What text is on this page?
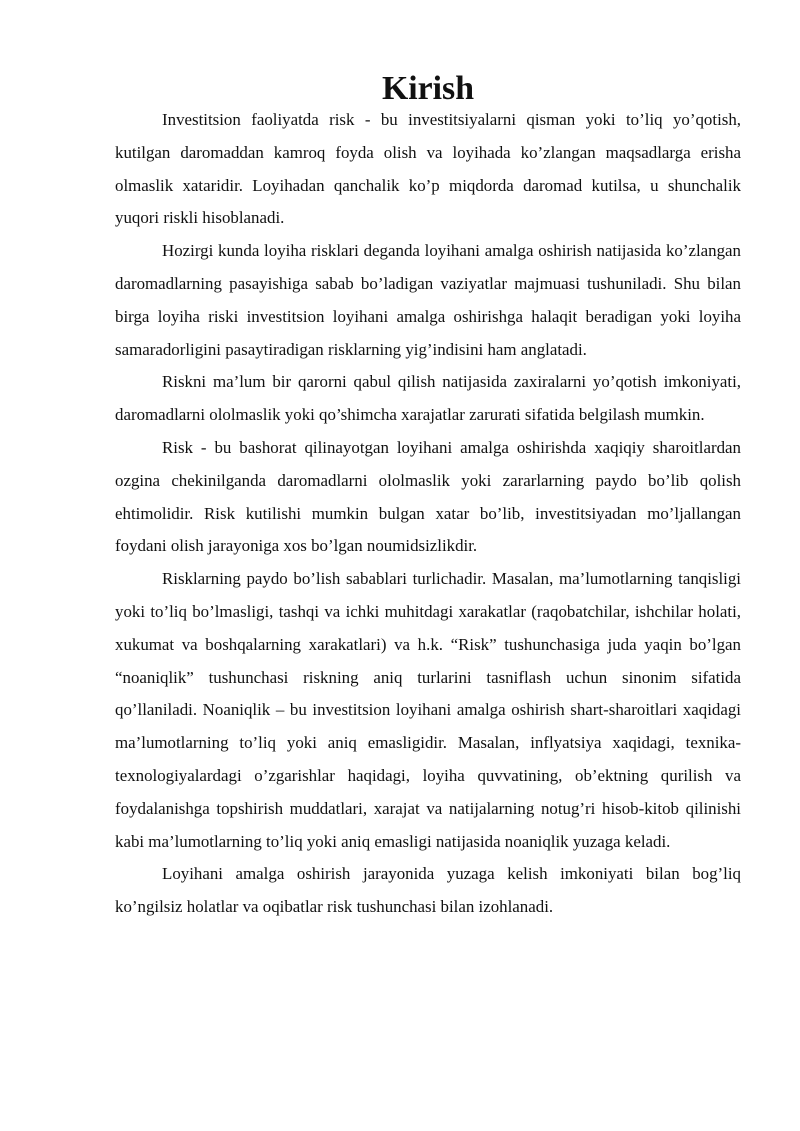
Kirish

Investitsion faoliyatda risk - bu investitsiyalarni qisman yoki to’liq yo’qotish, kutilgan daromaddan kamroq foyda olish va loyihada ko’zlangan maqsadlarga erisha olmaslik xataridir. Loyihadan qanchalik ko’p miqdorda daromad kutilsa, u shunchalik yuqori riskli hisoblanadi.

Hozirgi kunda loyiha risklari deganda loyihani amalga oshirish natijasida ko’zlangan daromadlarning pasayishiga sabab bo’ladigan vaziyatlar majmuasi tushuniladi. Shu bilan birga loyiha riski investitsion loyihani amalga oshirishga halaqit beradigan yoki loyiha samaradorligini pasaytiradigan risklarning yig’indisini ham anglatadi.

Riskni ma’lum bir qarorni qabul qilish natijasida zaxiralarni yo’qotish imkoniyati, daromadlarni ololmaslik yoki qo’shimcha xarajatlar zarurati sifatida belgilash mumkin.

Risk - bu bashorat qilinayotgan loyihani amalga oshirishda xaqiqiy sharoitlardan ozgina chekinilganda daromadlarni ololmaslik yoki zararlarning paydo bo’lib qolish ehtimolidir. Risk kutilishi mumkin bulgan xatar bo’lib, investitsiyadan mo’ljallangan foydani olish jarayoniga xos bo’lgan noumidsizlikdir.

Risklarning paydo bo’lish sabablari turlichadir. Masalan, ma’lumotlarning tanqisligi yoki to’liq bo’lmasligi, tashqi va ichki muhitdagi xarakatlar (raqobatchilar, ishchilar holati, xukumat va boshqalarning xarakatlari) va h.k. “Risk” tushunchasiga juda yaqin bo’lgan “noaniqlik” tushunchasi riskning aniq turlarini tasniflash uchun sinonim sifatida qo’llaniladi. Noaniqlik – bu investitsion loyihani amalga oshirish shart-sharoitlari xaqidagi ma’lumotlarning to’liq yoki aniq emasligidir. Masalan, inflyatsiya xaqidagi, texnika-texnologiyalardagi o’zgarishlar haqidagi, loyiha quvvatining, ob’ektning qurilish va foydalanishga topshirish muddatlari, xarajat va natijalarning notug’ri hisob-kitob qilinishi kabi ma’lumotlarning to’liq yoki aniq emasligi natijasida noaniqlik yuzaga keladi.

Loyihani amalga oshirish jarayonida yuzaga kelish imkoniyati bilan bog’liq ko’ngilsiz holatlar va oqibatlar risk tushunchasi bilan izohlanadi.
